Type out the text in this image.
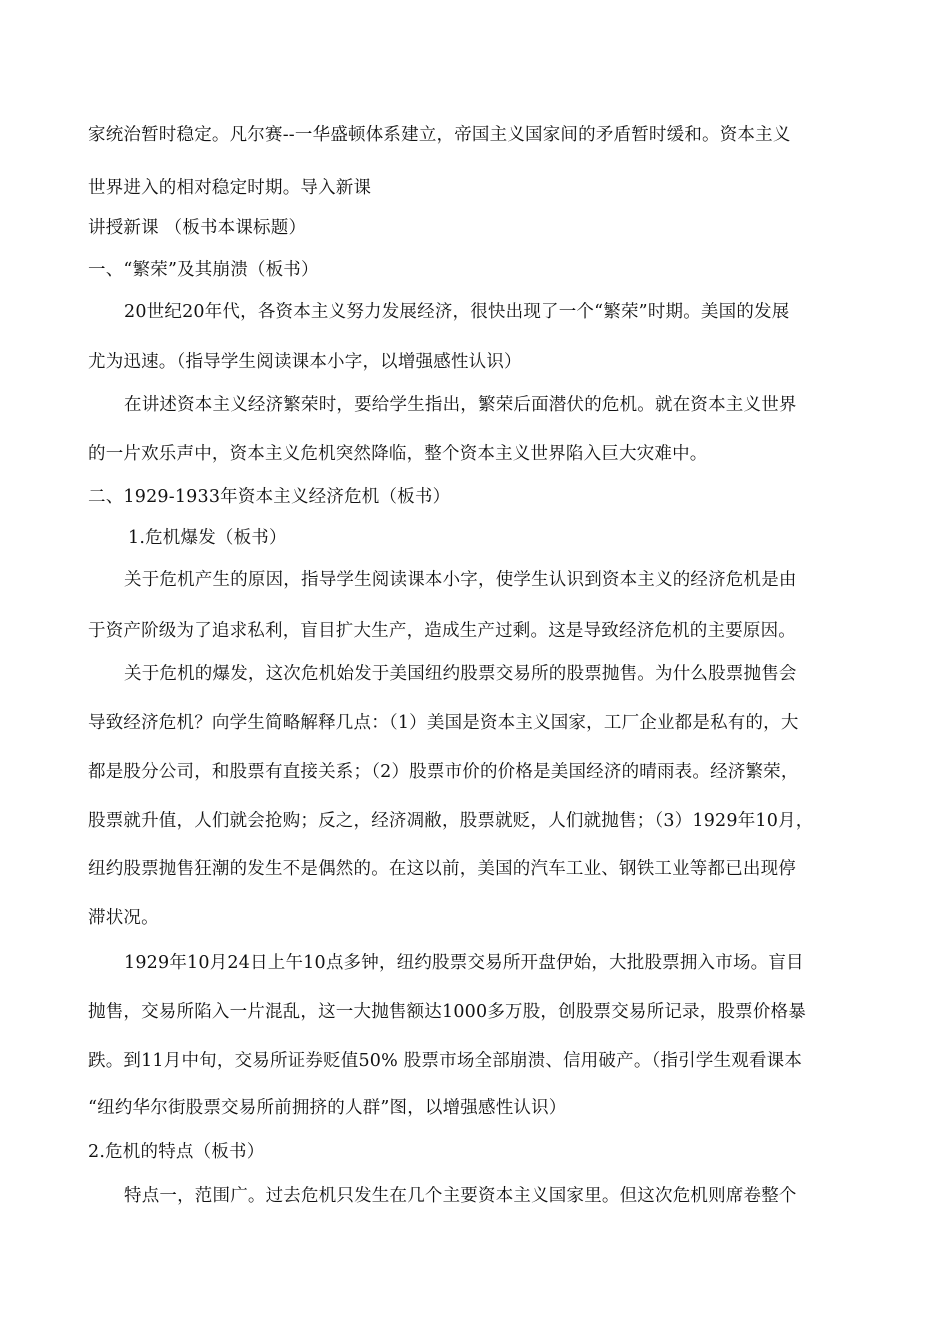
家统治暂时稳定。凡尔赛--一华盛顿体系建立，帝国主义国家间的矛盾暂时缓和。资本主义
世界进入的相对稳定时期。导入新课
讲授新课 （板书本课标题）
一、“繁荣”及其崩溃（板书）
20世纪20年代，各资本主义努力发展经济，很快出现了一个“繁荣”时期。美国的发展
尤为迅速。（指导学生阅读课本小字，以增强感性认识）
在讲述资本主义经济繁荣时，要给学生指出，繁荣后面潜伏的危机。就在资本主义世界
的一片欢乐声中，资本主义危机突然降临，整个资本主义世界陷入巨大灾难中。
二、1929-1933年资本主义经济危机（板书）
1.危机爆发（板书）
关于危机产生的原因，指导学生阅读课本小字，使学生认识到资本主义的经济危机是由
于资产阶级为了追求私利，盲目扩大生产，造成生产过剩。这是导致经济危机的主要原因。
关于危机的爆发，这次危机始发于美国纽约股票交易所的股票抛售。为什么股票抛售会
导致经济危机？向学生简略解释几点：（1）美国是资本主义国家，工厂企业都是私有的，大
都是股分公司，和股票有直接关系；（2）股票市价的价格是美国经济的晴雨表。经济繁荣，
股票就升值，人们就会抢购；反之，经济凋敝，股票就贬，人们就抛售；（3）1929年10月，
纽约股票抛售狂潮的发生不是偶然的。在这以前，美国的汽车工业、钢铁工业等都已出现停
滞状况。
1929年10月24日上午10点多钟，纽约股票交易所开盘伊始，大批股票拥入市场。盲目
抛售，交易所陷入一片混乱，这一大抛售额达1000多万股，创股票交易所记录，股票价格暴
跌。到11月中旬，交易所证券贬值50% 股票市场全部崩溃、信用破产。（指引学生观看课本
“纽约华尔街股票交易所前拥挤的人群”图，以增强感性认识）
2.危机的特点（板书）
特点一，范围广。过去危机只发生在几个主要资本主义国家里。但这次危机则席卷整个
